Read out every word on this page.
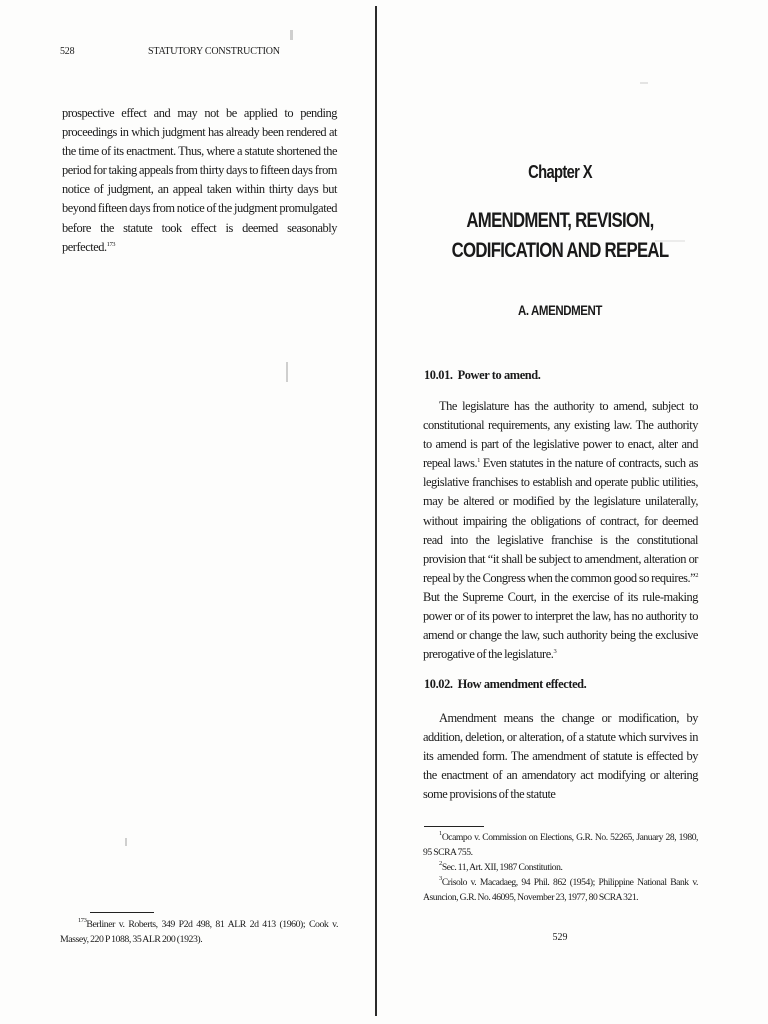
528	STATUTORY CONSTRUCTION
prospective effect and may not be applied to pending proceedings in which judgment has already been rendered at the time of its enactment. Thus, where a statute shortened the period for taking appeals from thirty days to fifteen days from notice of judgment, an appeal taken within thirty days but beyond fifteen days from notice of the judgment promulgated before the statute took effect is deemed seasonably perfected.$^{173}$
$^{173}$Berliner v. Roberts, 349 P2d 498, 81 ALR 2d 413 (1960); Cook v. Massey, 220 P 1088, 35 ALR 200 (1923).
Chapter X
AMENDMENT, REVISION,
CODIFICATION AND REPEAL
A. AMENDMENT
10.01. Power to amend.
The legislature has the authority to amend, subject to constitutional requirements, any existing law. The authority to amend is part of the legislative power to enact, alter and repeal laws.$^1$ Even statutes in the nature of contracts, such as legislative franchises to establish and operate public utilities, may be altered or modified by the legislature unilaterally, without impairing the obligations of contract, for deemed read into the legislative franchise is the constitutional provision that “it shall be subject to amendment, alteration or repeal by the Congress when the common good so requires.”$^2$ But the Supreme Court, in the exercise of its rule-making power or of its power to interpret the law, has no authority to amend or change the law, such authority being the exclusive prerogative of the legislature.$^3$
10.02. How amendment effected.
Amendment means the change or modification, by addition, deletion, or alteration, of a statute which survives in its amended form. The amendment of statute is effected by the enactment of an amendatory act modifying or altering some provisions of the statute

$^1$Ocampo v. Commission on Elections, G.R. No. 52265, January 28, 1980, 95 SCRA 755.

$^2$Sec. 11, Art. XII, 1987 Constitution.

$^3$Crisolo v. Macadaeg, 94 Phil. 862 (1954); Philippine National Bank v. Asuncion, G.R. No. 46095, November 23, 1977, 80 SCRA 321.

529
